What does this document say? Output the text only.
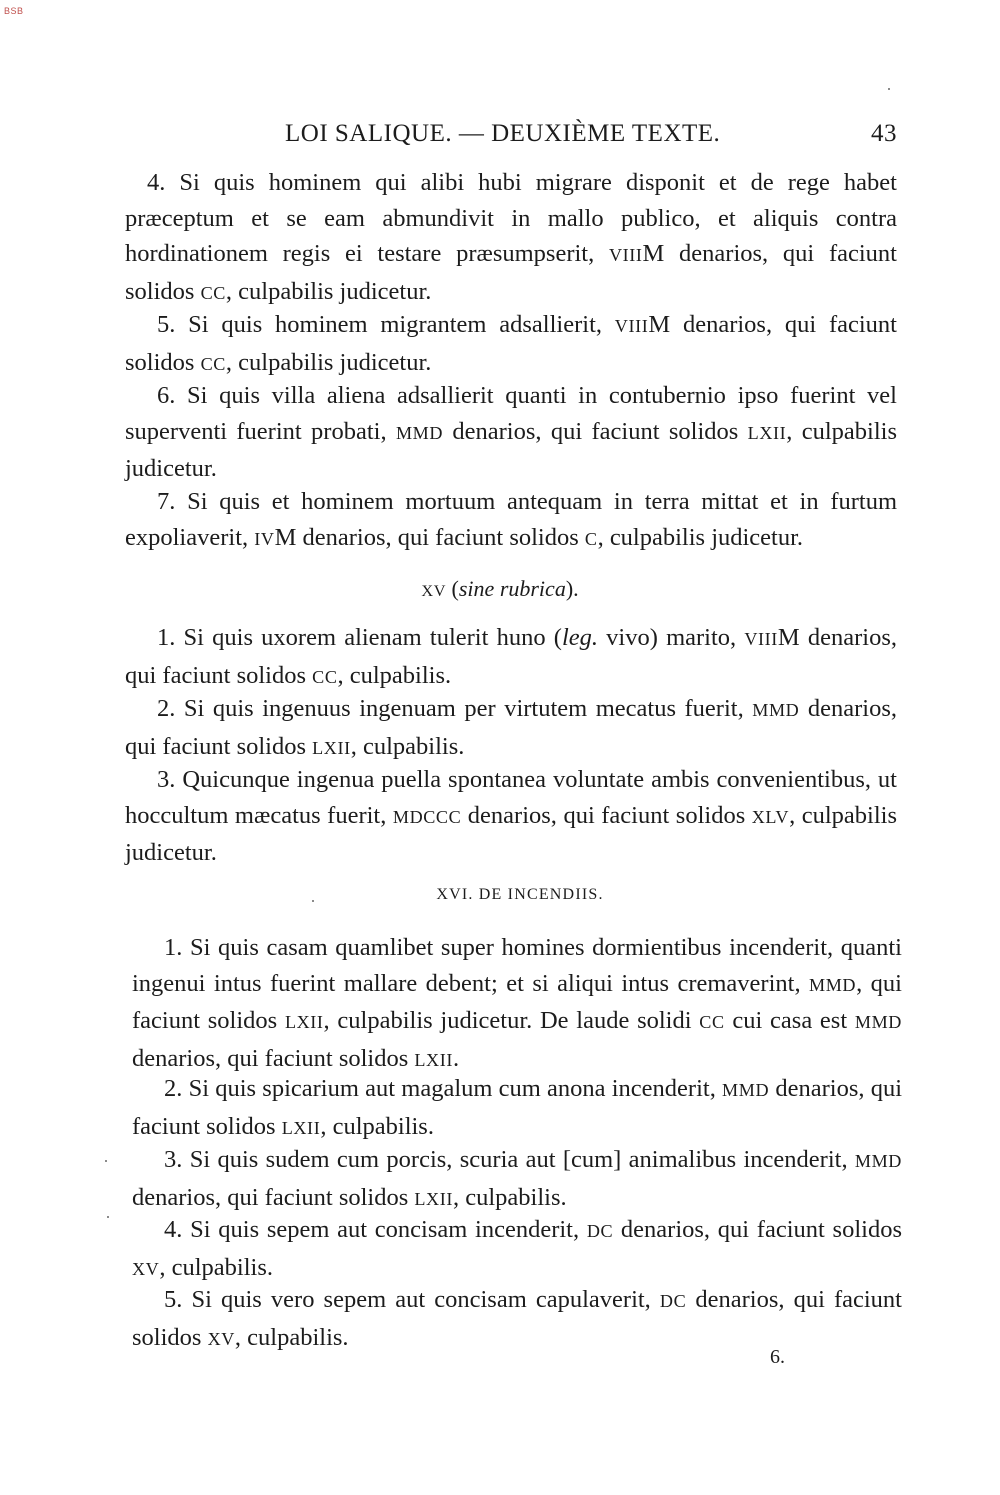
BSB
LOI SALIQUE. — DEUXIÈME TEXTE.	43
4. Si quis hominem qui alibi hubi migrare disponit et de rege habet præceptum et se eam abmundivit in mallo publico, et aliquis contra hordinationem regis ei testare præsumpserit, VIIIM denarios, qui faciunt solidos CC, culpabilis judicetur.
5. Si quis hominem migrantem adsallierit, VIIIM denarios, qui faciunt solidos CC, culpabilis judicetur.
6. Si quis villa aliena adsallierit quanti in contubernio ipso fuerint vel superventi fuerint probati, MMD denarios, qui faciunt solidos LXII, culpabilis judicetur.
7. Si quis et hominem mortuum antequam in terra mittat et in furtum expoliaverit, IVM denarios, qui faciunt solidos C, culpabilis judicetur.
XV (sine rubrica).
1. Si quis uxorem alienam tulerit huno (leg. vivo) marito, VIIIM denarios, qui faciunt solidos CC, culpabilis.
2. Si quis ingenuus ingenuam per virtutem mecatus fuerit, MMD denarios, qui faciunt solidos LXII, culpabilis.
3. Quicunque ingenua puella spontanea voluntate ambis convenientibus, ut hoccultum mæcatus fuerit, MDCCC denarios, qui faciunt solidos XLV, culpabilis judicetur.
XVI. DE INCENDIIS.
1. Si quis casam quamlibet super homines dormientibus incenderit, quanti ingenui intus fuerint mallare debent; et si aliqui intus cremaverint, MMD, qui faciunt solidos LXII, culpabilis judicetur. De laude solidi CC cui casa est MMD denarios, qui faciunt solidos LXII.
2. Si quis spicarium aut magalum cum anona incenderit, MMD denarios, qui faciunt solidos LXII, culpabilis.
3. Si quis sudem cum porcis, scuria aut [cum] animalibus incenderit, MMD denarios, qui faciunt solidos LXII, culpabilis.
4. Si quis sepem aut concisam incenderit, DC denarios, qui faciunt solidos XV, culpabilis.
5. Si quis vero sepem aut concisam capulaverit, DC denarios, qui faciunt solidos XV, culpabilis.
6.
